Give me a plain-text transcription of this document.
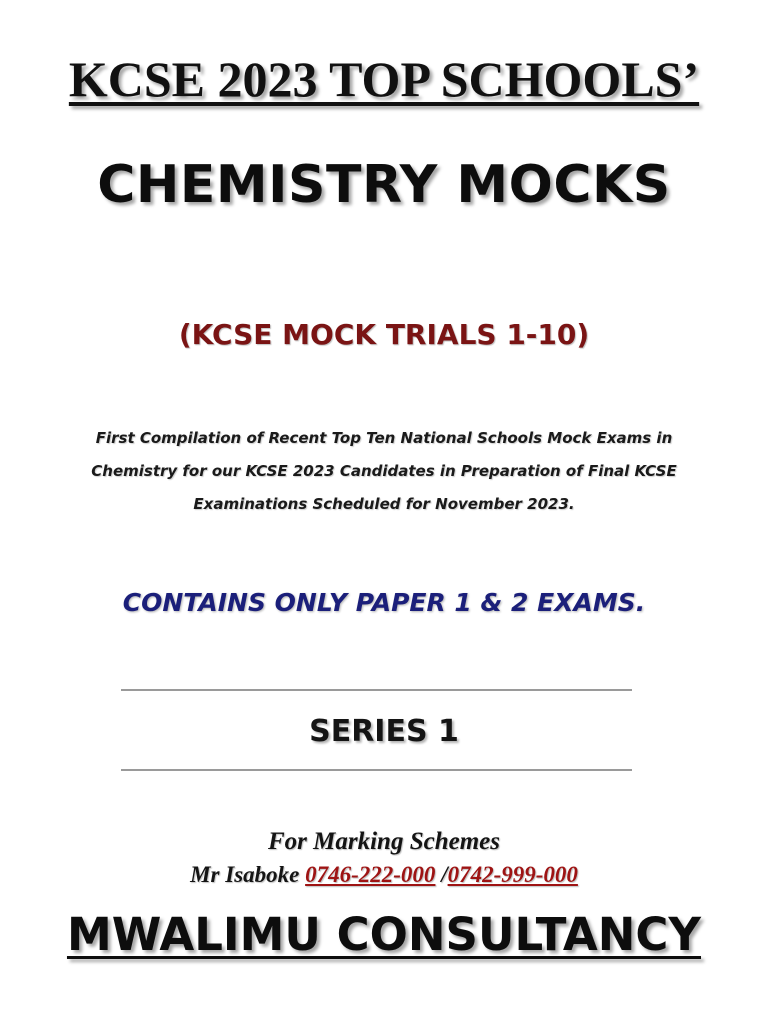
KCSE 2023 TOP SCHOOLS’
CHEMISTRY MOCKS
(KCSE MOCK TRIALS 1-10)
First Compilation of Recent Top Ten National Schools Mock Exams in
Chemistry for our KCSE 2023 Candidates in Preparation of Final KCSE
Examinations Scheduled for November 2023.
CONTAINS ONLY PAPER 1 & 2 EXAMS.
SERIES 1
For Marking Schemes
Mr Isaboke 0746-222-000 /0742-999-000
MWALIMU CONSULTANCY
